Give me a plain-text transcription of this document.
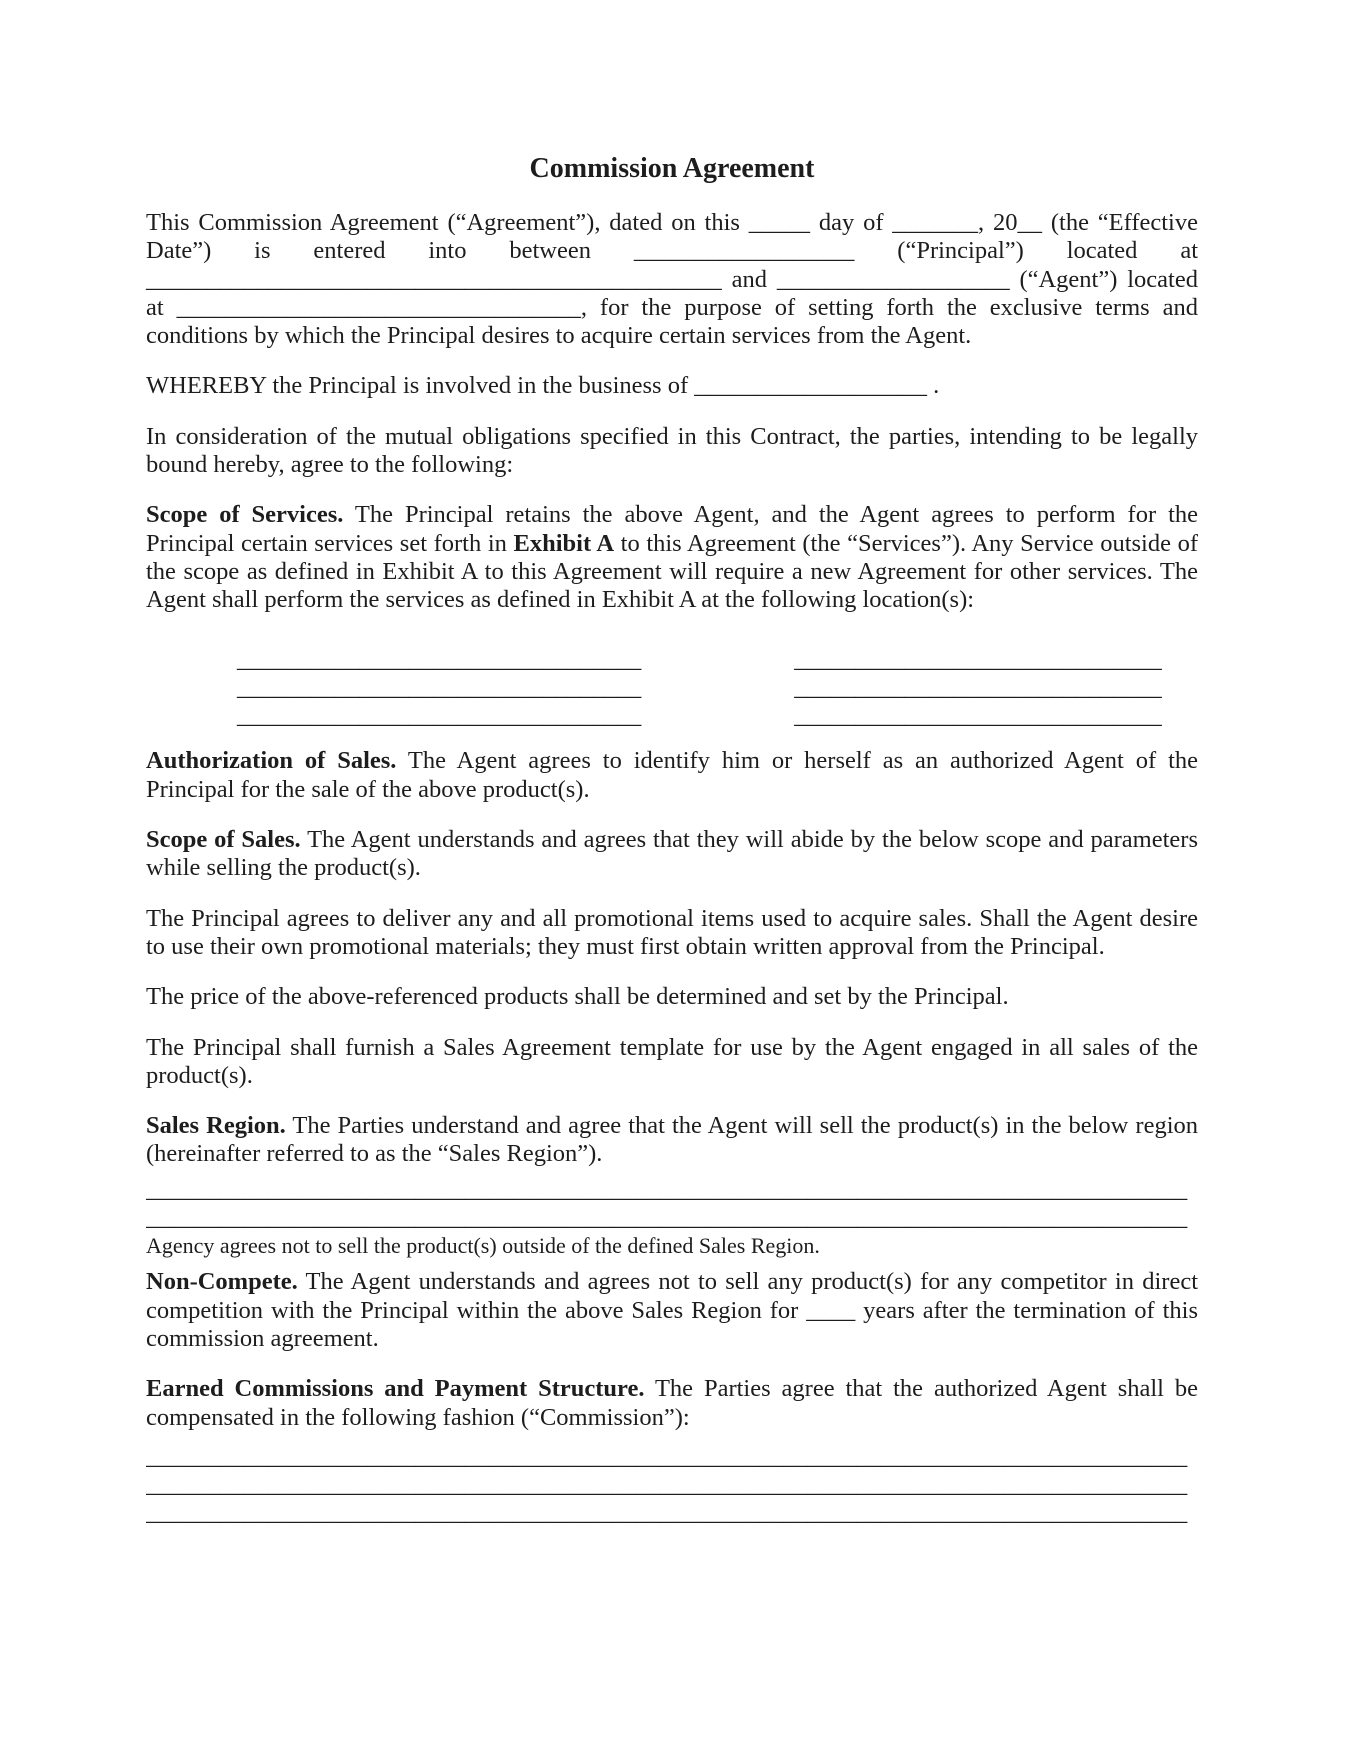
Commission Agreement

This Commission Agreement (“Agreement”), dated on this _____ day of _______, 20__ (the “Effective Date”) is entered into between __________________ (“Principal”) located at _______________________________________________ and ___________________ (“Agent”) located at _________________________________, for the purpose of setting forth the exclusive terms and conditions by which the Principal desires to acquire certain services from the Agent.

WHEREBY the Principal is involved in the business of ___________________ .

In consideration of the mutual obligations specified in this Contract, the parties, intending to be legally bound hereby, agree to the following:

Scope of Services. The Principal retains the above Agent, and the Agent agrees to perform for the Principal certain services set forth in Exhibit A to this Agreement (the “Services”). Any Service outside of the scope as defined in Exhibit A to this Agreement will require a new Agreement for other services. The Agent shall perform the services as defined in Exhibit A at the following location(s):

_________________________________	______________________________
_________________________________	______________________________
_________________________________	______________________________

Authorization of Sales. The Agent agrees to identify him or herself as an authorized Agent of the Principal for the sale of the above product(s).

Scope of Sales. The Agent understands and agrees that they will abide by the below scope and parameters while selling the product(s).

The Principal agrees to deliver any and all promotional items used to acquire sales. Shall the Agent desire to use their own promotional materials; they must first obtain written approval from the Principal.

The price of the above-referenced products shall be determined and set by the Principal.

The Principal shall furnish a Sales Agreement template for use by the Agent engaged in all sales of the product(s).

Sales Region. The Parties understand and agree that the Agent will sell the product(s) in the below region (hereinafter referred to as the “Sales Region”).

_____________________________________________________________________________________
_____________________________________________________________________________________
Agency agrees not to sell the product(s) outside of the defined Sales Region.

Non-Compete. The Agent understands and agrees not to sell any product(s) for any competitor in direct competition with the Principal within the above Sales Region for ____ years after the termination of this commission agreement.

Earned Commissions and Payment Structure. The Parties agree that the authorized Agent shall be compensated in the following fashion (“Commission”):

_____________________________________________________________________________________
_____________________________________________________________________________________
_____________________________________________________________________________________
